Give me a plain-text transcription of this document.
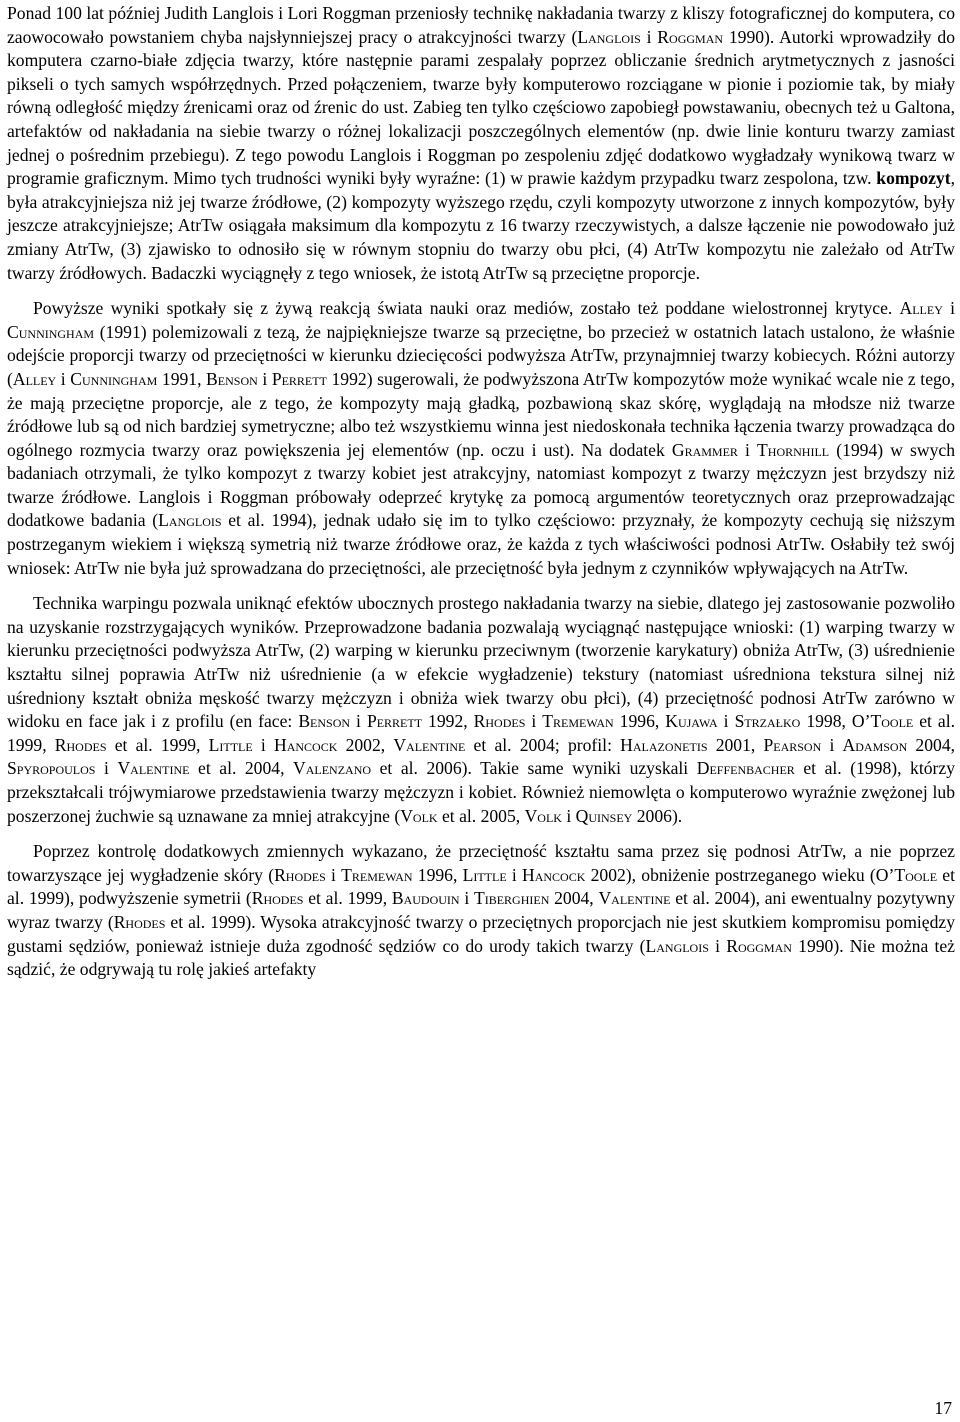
Ponad 100 lat później Judith Langlois i Lori Roggman przeniosły technikę nakładania twarzy z kliszy fotograficznej do komputera, co zaowocowało powstaniem chyba najsłynniejszej pracy o atrakcyjności twarzy (Langlois i Roggman 1990). Autorki wprowadziły do komputera czarno-białe zdjęcia twarzy, które następnie parami zespalały poprzez obliczanie średnich arytmetycznych z jasności pikseli o tych samych współrzędnych. Przed połączeniem, twarze były komputerowo rozciągane w pionie i poziomie tak, by miały równą odległość między źrenicami oraz od źrenic do ust. Zabieg ten tylko częściowo zapobiegł powstawaniu, obecnych też u Galtona, artefaktów od nakładania na siebie twarzy o różnej lokalizacji poszczególnych elementów (np. dwie linie konturu twarzy zamiast jednej o pośrednim przebiegu). Z tego powodu Langlois i Roggman po zespoleniu zdjęć dodatkowo wygładzały wynikową twarz w programie graficznym. Mimo tych trudności wyniki były wyraźne: (1) w prawie każdym przypadku twarz zespolona, tzw. kompozyt, była atrakcyjniejsza niż jej twarze źródłowe, (2) kompozyty wyższego rzędu, czyli kompozyty utworzone z innych kompozytów, były jeszcze atrakcyjniejsze; AtrTw osiągała maksimum dla kompozytu z 16 twarzy rzeczywistych, a dalsze łączenie nie powodowało już zmiany AtrTw, (3) zjawisko to odnosiło się w równym stopniu do twarzy obu płci, (4) AtrTw kompozytu nie zależało od AtrTw twarzy źródłowych. Badaczki wyciągnęły z tego wniosek, że istotą AtrTw są przeciętne proporcje.

Powyższe wyniki spotkały się z żywą reakcją świata nauki oraz mediów, zostało też poddane wielostronnej krytyce. Alley i Cunningham (1991) polemizowali z tezą, że najpiękniejsze twarze są przeciętne, bo przecież w ostatnich latach ustalono, że właśnie odejście proporcji twarzy od przeciętności w kierunku dziecięcości podwyższa AtrTw, przynajmniej twarzy kobiecych. Różni autorzy (Alley i Cunningham 1991, Benson i Perrett 1992) sugerowali, że podwyższona AtrTw kompozytów może wynikać wcale nie z tego, że mają przeciętne proporcje, ale z tego, że kompozyty mają gładką, pozbawioną skaz skórę, wyglądają na młodsze niż twarze źródłowe lub są od nich bardziej symetryczne; albo też wszystkiemu winna jest niedoskonała technika łączenia twarzy prowadząca do ogólnego rozmycia twarzy oraz powiększenia jej elementów (np. oczu i ust). Na dodatek Grammer i Thornhill (1994) w swych badaniach otrzymali, że tylko kompozyt z twarzy kobiet jest atrakcyjny, natomiast kompozyt z twarzy mężczyzn jest brzydszy niż twarze źródłowe. Langlois i Roggman próbowały odeprzeć krytykę za pomocą argumentów teoretycznych oraz przeprowadzając dodatkowe badania (Langlois et al. 1994), jednak udało się im to tylko częściowo: przyznały, że kompozyty cechują się niższym postrzeganym wiekiem i większą symetrią niż twarze źródłowe oraz, że każda z tych właściwości podnosi AtrTw. Osłabiły też swój wniosek: AtrTw nie była już sprowadzana do przeciętności, ale przeciętność była jednym z czynników wpływających na AtrTw.

Technika warpingu pozwala uniknąć efektów ubocznych prostego nakładania twarzy na siebie, dlatego jej zastosowanie pozwoliło na uzyskanie rozstrzygających wyników. Przeprowadzone badania pozwalają wyciągnąć następujące wnioski: (1) warping twarzy w kierunku przeciętności podwyższa AtrTw, (2) warping w kierunku przeciwnym (tworzenie karykatury) obniża AtrTw, (3) uśrednienie kształtu silnej poprawia AtrTw niż uśrednienie (a w efekcie wygładzenie) tekstury (natomiast uśredniona tekstura silnej niż uśredniony kształt obniża męskość twarzy mężczyzn i obniża wiek twarzy obu płci), (4) przeciętność podnosi AtrTw zarówno w widoku en face jak i z profilu (en face: Benson i Perrett 1992, Rhodes i Tremewan 1996, Kujawa i Strzałko 1998, O’Toole et al. 1999, Rhodes et al. 1999, Little i Hancock 2002, Valentine et al. 2004; profil: Halazonetis 2001, Pearson i Adamson 2004, Spyropoulos i Valentine et al. 2004, Valenzano et al. 2006). Takie same wyniki uzyskali Deffenbacher et al. (1998), którzy przekształcali trójwymiarowe przedstawienia twarzy mężczyzn i kobiet. Również niemowlęta o komputerowo wyraźnie zwężonej lub poszerzonej żuchwie są uznawane za mniej atrakcyjne (Volk et al. 2005, Volk i Quinsey 2006).

Poprzez kontrolę dodatkowych zmiennych wykazano, że przeciętność kształtu sama przez się podnosi AtrTw, a nie poprzez towarzyszące jej wygładzenie skóry (Rhodes i Tremewan 1996, Little i Hancock 2002), obniżenie postrzeganego wieku (O’Toole et al. 1999), podwyższenie symetrii (Rhodes et al. 1999, Baudouin i Tiberghien 2004, Valentine et al. 2004), ani ewentualny pozytywny wyraz twarzy (Rhodes et al. 1999). Wysoka atrakcyjność twarzy o przeciętnych proporcjach nie jest skutkiem kompromisu pomiędzy gustami sędziów, ponieważ istnieje duża zgodność sędziów co do urody takich twarzy (Langlois i Roggman 1990). Nie można też sądzić, że odgrywają tu rolę jakieś artefakty

17
